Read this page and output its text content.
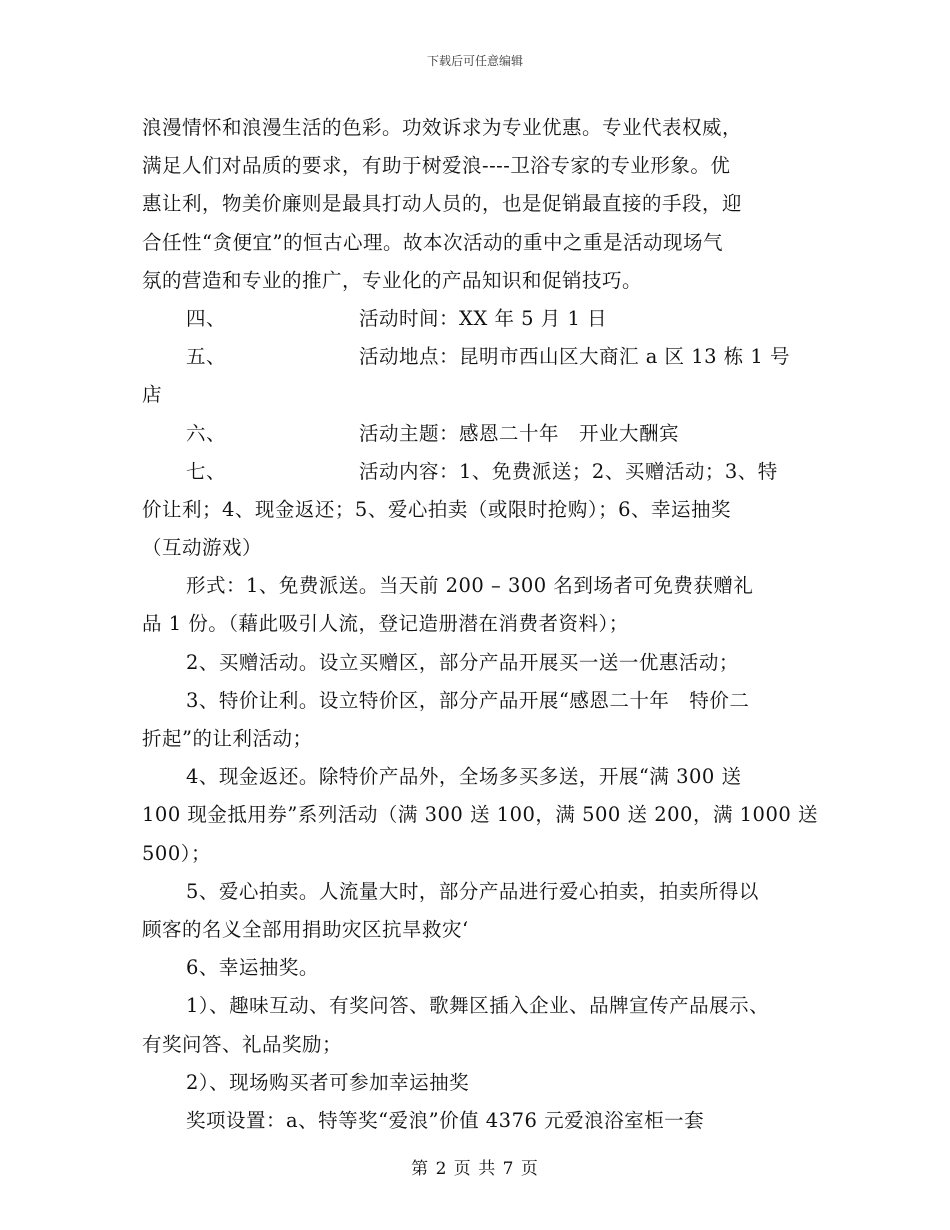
下载后可任意编辑
浪漫情怀和浪漫生活的色彩。功效诉求为专业优惠。专业代表权威，
满足人们对品质的要求，有助于树爱浪----卫浴专家的专业形象。优
惠让利，物美价廉则是最具打动人员的，也是促销最直接的手段，迎
合任性“贪便宜”的恒古心理。故本次活动的重中之重是活动现场气
氛的营造和专业的推广，专业化的产品知识和促销技巧。
四、	活动时间：XX 年 5 月 1 日
五、	活动地点：昆明市西山区大商汇 a 区 13 栋 1 号
店
六、	活动主题：感恩二十年　开业大酬宾
七、	活动内容：1、免费派送；2、买赠活动；3、特
价让利；4、现金返还；5、爱心拍卖（或限时抢购）；6、幸运抽奖
（互动游戏）
形式：1、免费派送。当天前 200 – 300 名到场者可免费获赠礼
品 1 份。（藉此吸引人流，登记造册潜在消费者资料）；
2、买赠活动。设立买赠区，部分产品开展买一送一优惠活动；
3、特价让利。设立特价区，部分产品开展“感恩二十年　特价二
折起”的让利活动；
4、现金返还。除特价产品外，全场多买多送，开展“满 300 送
100 现金抵用券”系列活动（满 300 送 100，满 500 送 200，满 1000 送
500）；
5、爱心拍卖。人流量大时，部分产品进行爱心拍卖，拍卖所得以
顾客的名义全部用捐助灾区抗旱救灾‘
6、幸运抽奖。
1）、趣味互动、有奖问答、歌舞区插入企业、品牌宣传产品展示、
有奖问答、礼品奖励；
2）、现场购买者可参加幸运抽奖
奖项设置：a、特等奖“爱浪”价值 4376 元爱浪浴室柜一套
第 2 页 共 7 页
